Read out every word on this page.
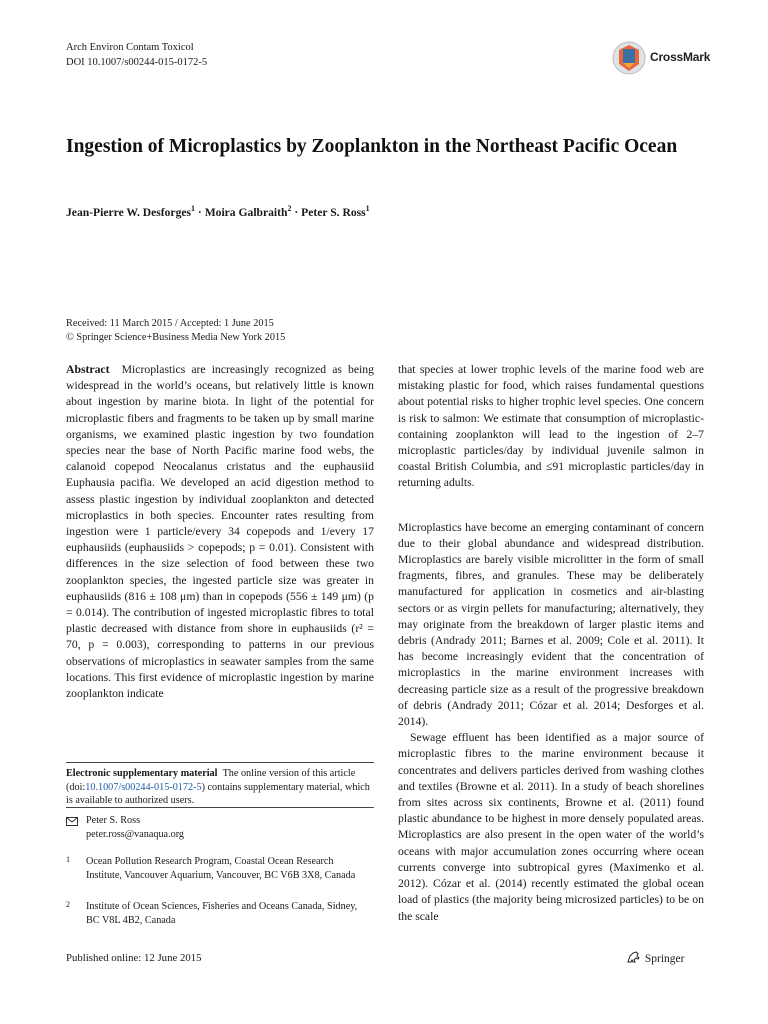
Arch Environ Contam Toxicol
DOI 10.1007/s00244-015-0172-5	CrossMark
Ingestion of Microplastics by Zooplankton in the Northeast Pacific Ocean
Jean-Pierre W. Desforges$^1$ · Moira Galbraith$^2$ · Peter S. Ross$^1$
Received: 11 March 2015 / Accepted: 1 June 2015
© Springer Science+Business Media New York 2015

Abstract Microplastics are increasingly recognized as being widespread in the world’s oceans, but relatively little is known about ingestion by marine biota. In light of the potential for microplastic fibers and fragments to be taken up by small marine organisms, we examined plastic ingestion by two foundation species near the base of North Pacific marine food webs, the calanoid copepod Neocalanus cristatus and the euphausiid Euphausia pacifia. We developed an acid digestion method to assess plastic ingestion by individual zooplankton and detected microplastics in both species. Encounter rates resulting from ingestion were 1 particle/every 34 copepods and 1/every 17 euphausiids (euphausiids > copepods; p = 0.01). Consistent with differences in the size selection of food between these two zooplankton species, the ingested particle size was greater in euphausiids (816 ± 108 μm) than in copepods (556 ± 149 μm) (p = 0.014). The contribution of ingested microplastic fibres to total plastic decreased with distance from shore in euphausiids (r² = 70, p = 0.003), corresponding to patterns in our previous observations of microplastics in seawater samples from the same locations. This first evidence of microplastic ingestion by marine zooplankton indicate

Electronic supplementary material The online version of this article (doi:10.1007/s00244-015-0172-5) contains supplementary material, which is available to authorized users.
Peter S. Ross
peter.ross@vanaqua.org
1 Ocean Pollution Research Program, Coastal Ocean Research Institute, Vancouver Aquarium, Vancouver, BC V6B 3X8, Canada
2 Institute of Ocean Sciences, Fisheries and Oceans Canada, Sidney, BC V8L 4B2, Canada

that species at lower trophic levels of the marine food web are mistaking plastic for food, which raises fundamental questions about potential risks to higher trophic level species. One concern is risk to salmon: We estimate that consumption of microplastic-containing zooplankton will lead to the ingestion of 2–7 microplastic particles/day by individual juvenile salmon in coastal British Columbia, and ≤91 microplastic particles/day in returning adults.

Microplastics have become an emerging contaminant of concern due to their global abundance and widespread distribution. Microplastics are barely visible microlitter in the form of small fragments, fibres, and granules. These may be deliberately manufactured for application in cosmetics and air-blasting sectors or as virgin pellets for manufacturing; alternatively, they may originate from the breakdown of larger plastic items and debris (Andrady 2011; Barnes et al. 2009; Cole et al. 2011). It has become increasingly evident that the concentration of microplastics in the marine environment increases with decreasing particle size as a result of the progressive breakdown of debris (Andrady 2011; Cózar et al. 2014; Desforges et al. 2014).

Sewage effluent has been identified as a major source of microplastic fibres to the marine environment because it concentrates and delivers particles derived from washing clothes and textiles (Browne et al. 2011). In a study of beach shorelines from sites across six continents, Browne et al. (2011) found plastic abundance to be highest in more densely populated areas. Microplastics are also present in the open water of the world’s oceans with major accumulation zones occurring where ocean currents converge into subtropical gyres (Maximenko et al. 2012). Cózar et al. (2014) recently estimated the global ocean load of plastics (the majority being microsized particles) to be on the scale

Published online: 12 June 2015	Springer
